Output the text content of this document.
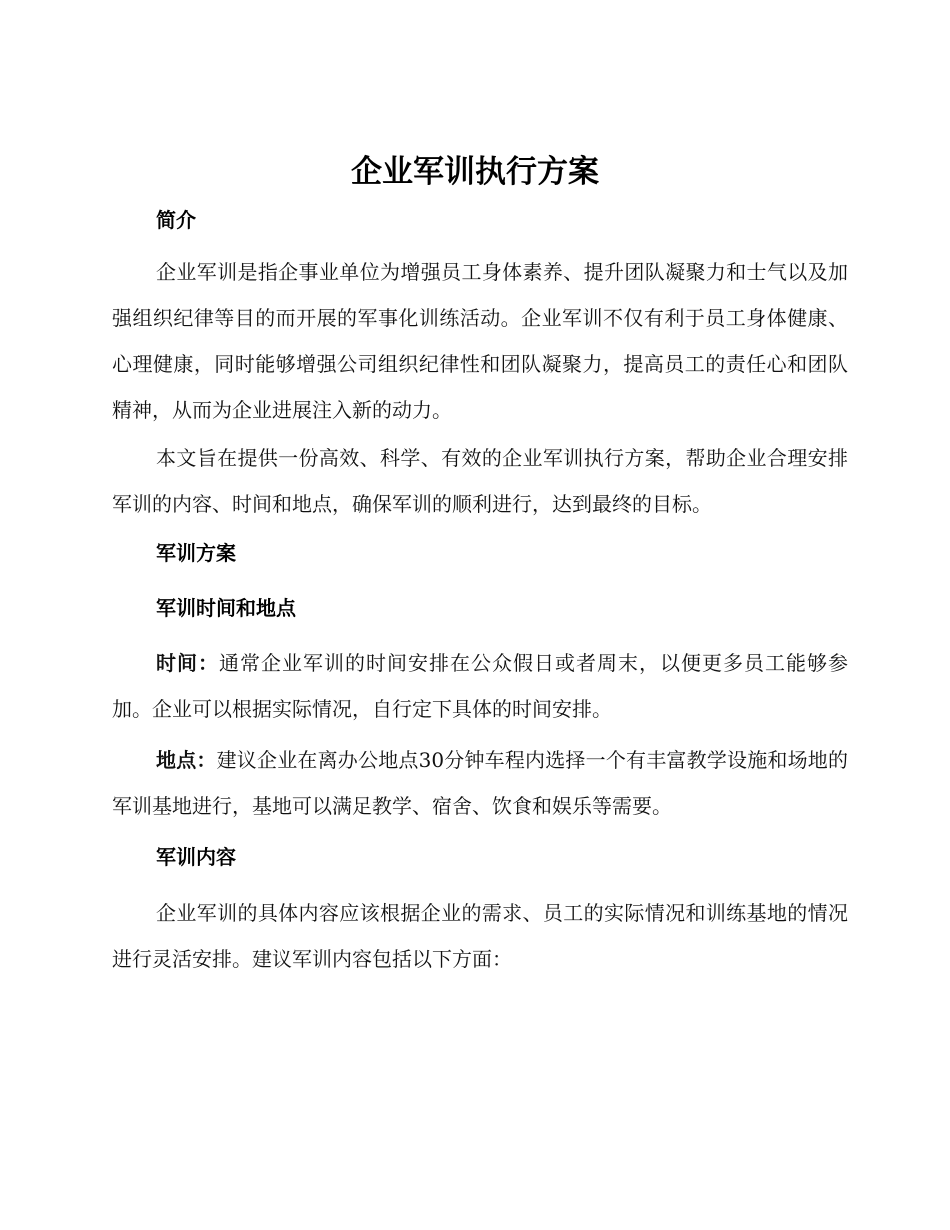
企业军训执行方案
简介

企业军训是指企事业单位为增强员工身体素养、提升团队凝聚力和士气以及加强组织纪律等目的而开展的军事化训练活动。企业军训不仅有利于员工身体健康、心理健康，同时能够增强公司组织纪律性和团队凝聚力，提高员工的责任心和团队精神，从而为企业进展注入新的动力。

本文旨在提供一份高效、科学、有效的企业军训执行方案，帮助企业合理安排军训的内容、时间和地点，确保军训的顺利进行，达到最终的目标。

军训方案
军训时间和地点

时间：通常企业军训的时间安排在公众假日或者周末，以便更多员工能够参加。企业可以根据实际情况，自行定下具体的时间安排。

地点：建议企业在离办公地点30分钟车程内选择一个有丰富教学设施和场地的军训基地进行，基地可以满足教学、宿舍、饮食和娱乐等需要。

军训内容

企业军训的具体内容应该根据企业的需求、员工的实际情况和训练基地的情况进行灵活安排。建议军训内容包括以下方面：
